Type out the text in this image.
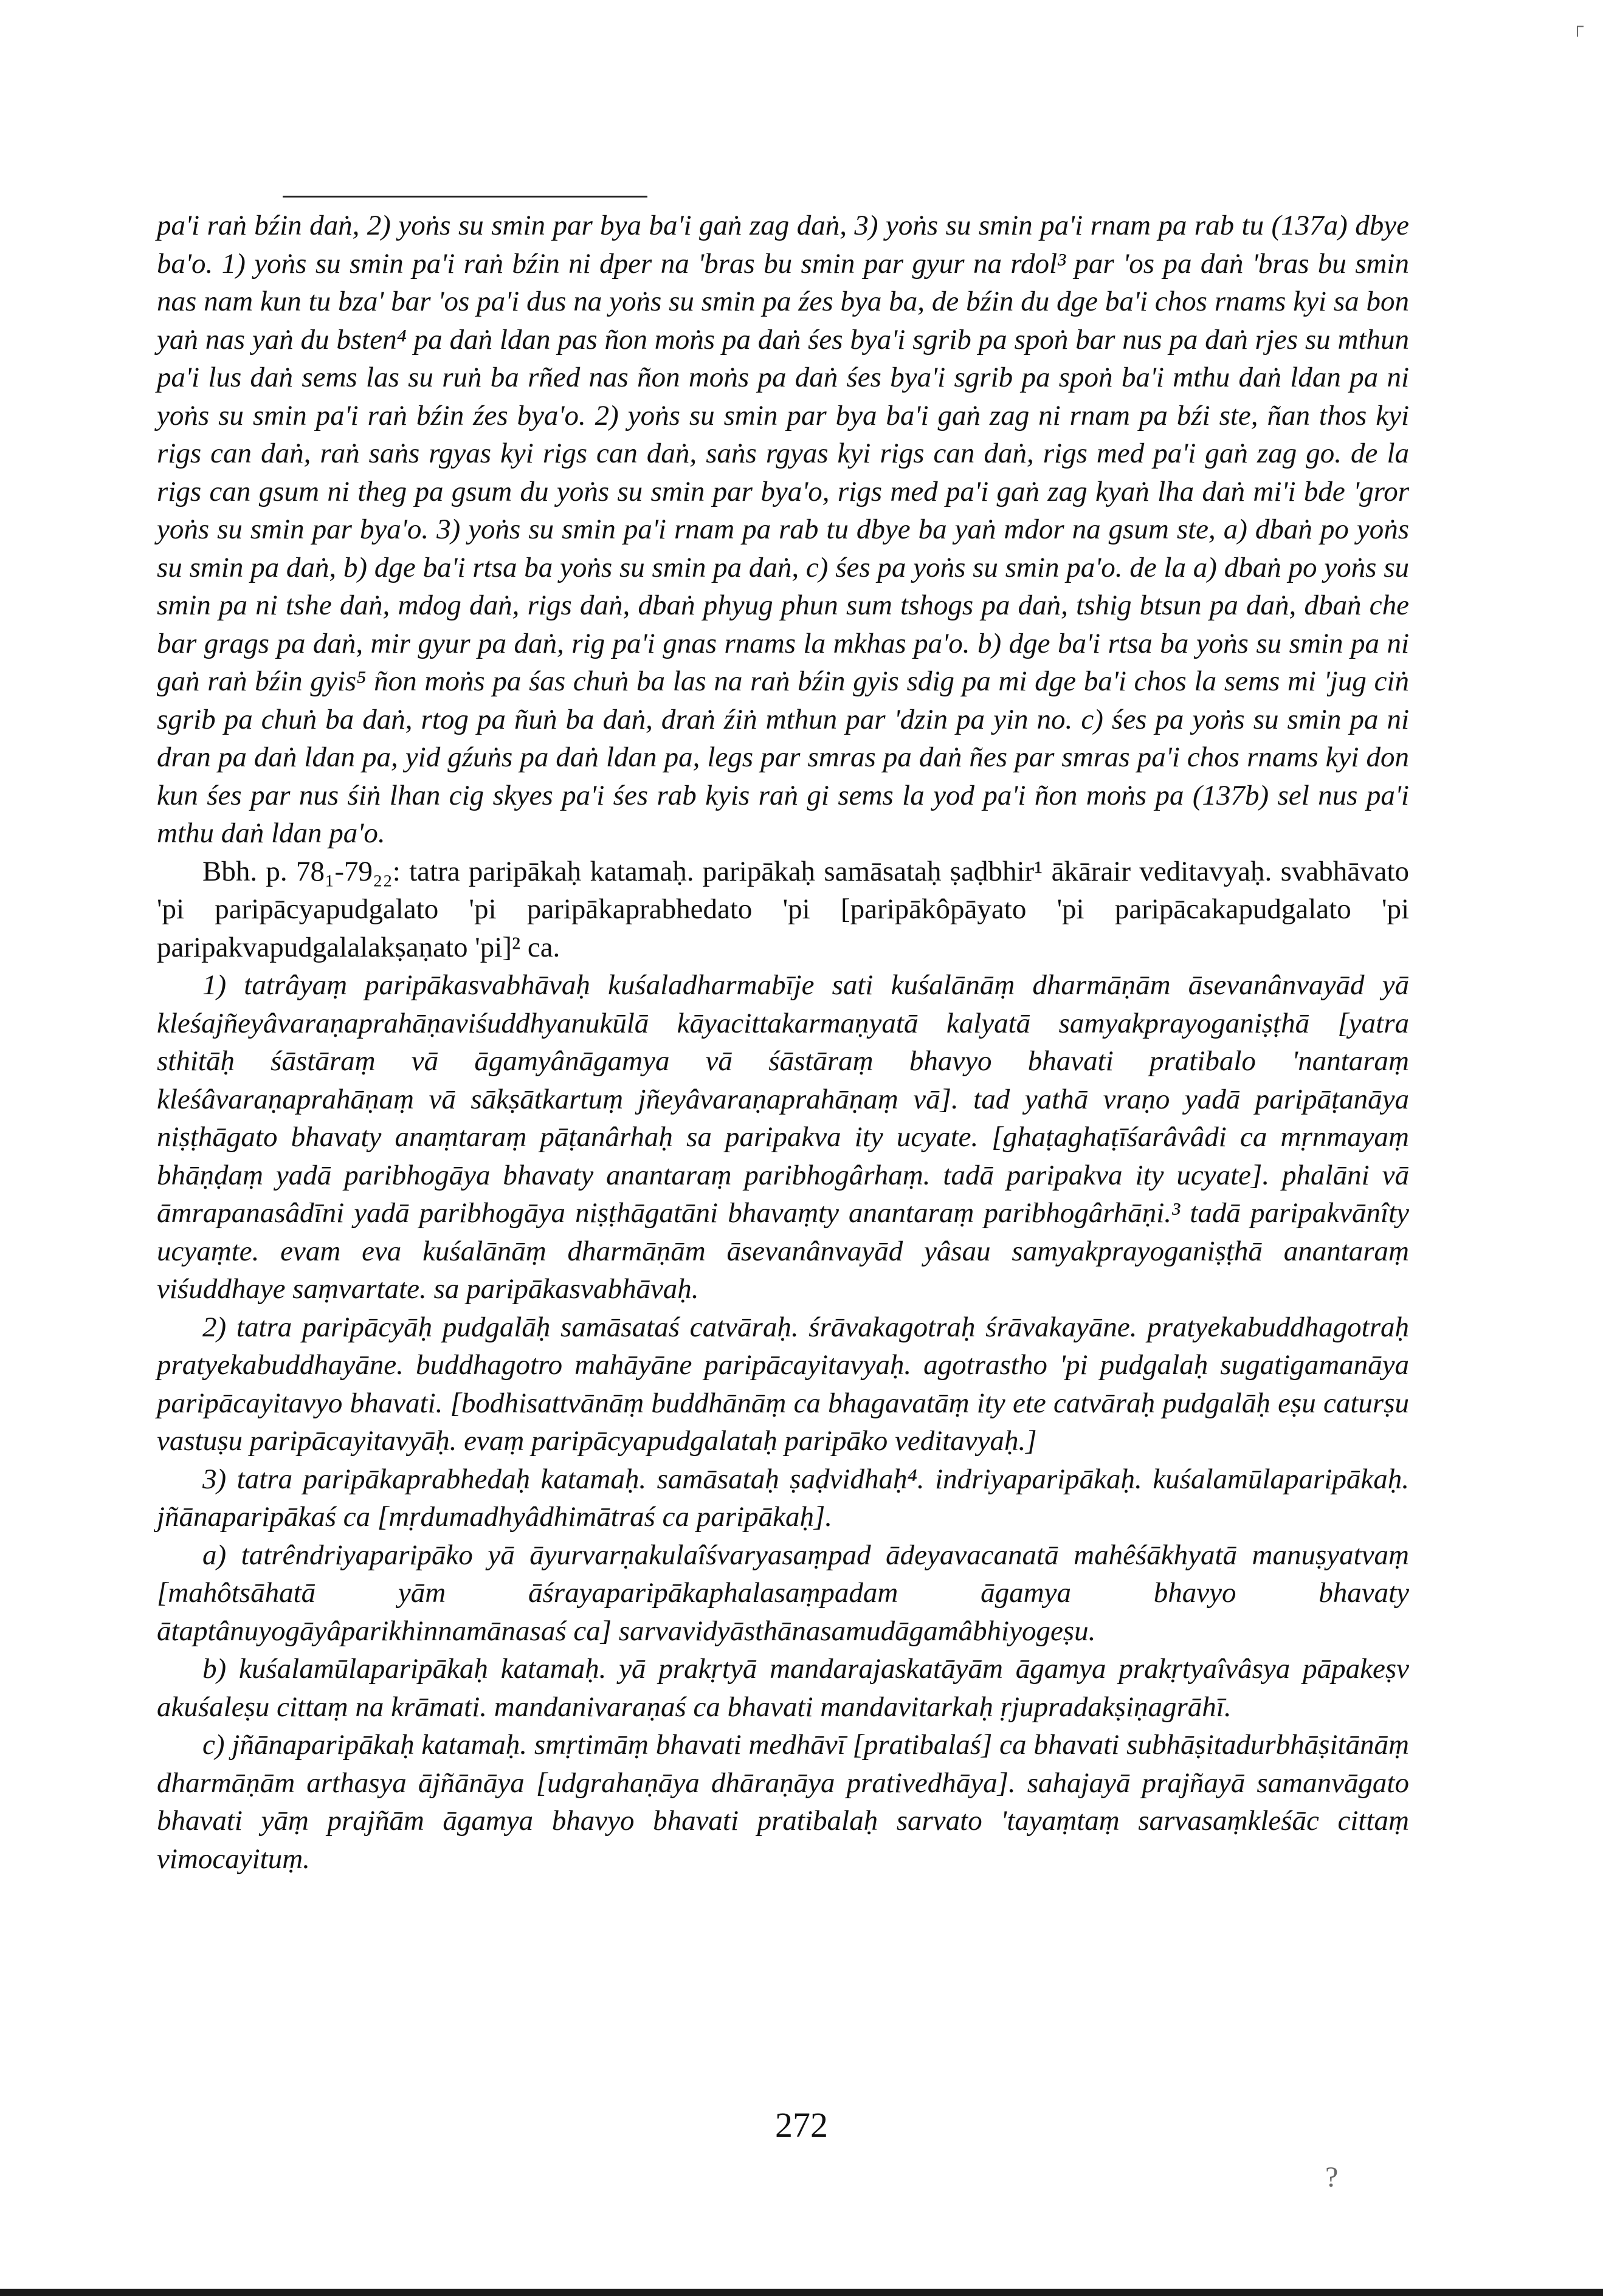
pa'i raṅ bźin daṅ, 2) yoṅs su smin par bya ba'i gaṅ zag daṅ, 3) yoṅs su smin pa'i rnam pa rab tu (137a) dbye ba'o. 1) yoṅs su smin pa'i raṅ bźin ni dper na 'bras bu smin par gyur na rdol³ par 'os pa daṅ 'bras bu smin nas nam kun tu bza' bar 'os pa'i dus na yoṅs su smin pa źes bya ba, de bźin du dge ba'i chos rnams kyi sa bon yaṅ nas yaṅ du bsten⁴ pa daṅ ldan pas ñon moṅs pa daṅ śes bya'i sgrib pa spoṅ bar nus pa daṅ rjes su mthun pa'i lus daṅ sems las su ruṅ ba rñed nas ñon moṅs pa daṅ śes bya'i sgrib pa spoṅ ba'i mthu daṅ ldan pa ni yoṅs su smin pa'i raṅ bźin źes bya'o. 2) yoṅs su smin par bya ba'i gaṅ zag ni rnam pa bźi ste, ñan thos kyi rigs can daṅ, raṅ saṅs rgyas kyi rigs can daṅ, saṅs rgyas kyi rigs can daṅ, rigs med pa'i gaṅ zag go. de la rigs can gsum ni theg pa gsum du yoṅs su smin par bya'o, rigs med pa'i gaṅ zag kyaṅ lha daṅ mi'i bde 'gror yoṅs su smin par bya'o. 3) yoṅs su smin pa'i rnam pa rab tu dbye ba yaṅ mdor na gsum ste, a) dbaṅ po yoṅs su smin pa daṅ, b) dge ba'i rtsa ba yoṅs su smin pa daṅ, c) śes pa yoṅs su smin pa'o. de la a) dbaṅ po yoṅs su smin pa ni tshe daṅ, mdog daṅ, rigs daṅ, dbaṅ phyug phun sum tshogs pa daṅ, tshig btsun pa daṅ, dbaṅ che bar grags pa daṅ, mir gyur pa daṅ, rig pa'i gnas rnams la mkhas pa'o. b) dge ba'i rtsa ba yoṅs su smin pa ni gaṅ raṅ bźin gyis⁵ ñon moṅs pa śas chuṅ ba las na raṅ bźin gyis sdig pa mi dge ba'i chos la sems mi 'jug ciṅ sgrib pa chuṅ ba daṅ, rtog pa ñuṅ ba daṅ, draṅ źiṅ mthun par 'dzin pa yin no. c) śes pa yoṅs su smin pa ni dran pa daṅ ldan pa, yid gźuṅs pa daṅ ldan pa, legs par smras pa daṅ ñes par smras pa'i chos rnams kyi don kun śes par nus śiṅ lhan cig skyes pa'i śes rab kyis raṅ gi sems la yod pa'i ñon moṅs pa (137b) sel nus pa'i mthu daṅ ldan pa'o.

Bbh. p. 78₁-79₂₂: tatra paripākaḥ katamaḥ. paripākaḥ samāsataḥ ṣaḍbhir¹ ākārair veditavyaḥ. svabhāvato 'pi paripācyapudgalato 'pi paripākaprabhedato 'pi [paripākôpāyato 'pi paripācakapudgalato 'pi paripakvapudgalalakṣaṇato 'pi]² ca.

1) tatrâyaṃ paripākasvabhāvaḥ kuśaladharmabīje sati kuśalānāṃ dharmāṇām āsevanânvayād yā kleśajñeyâvaraṇaprahāṇaviśuddhyanukūlā kāyacittakarmaṇyatā kalyatā samyakprayoganiṣṭhā [yatra sthitāḥ śāstāraṃ vā āgamyânāgamya vā śāstāraṃ bhavyo bhavati pratibalo 'nantaraṃ kleśâvaraṇaprahāṇaṃ vā sākṣātkartuṃ jñeyâvaraṇaprahāṇaṃ vā]. tad yathā vraṇo yadā paripāṭanāya niṣṭhāgato bhavaty anaṃtaraṃ pāṭanârhaḥ sa paripakva ity ucyate. [ghaṭaghaṭīśarâvâdi ca mṛnmayaṃ bhāṇḍaṃ yadā paribhogāya bhavaty anantaraṃ paribhogârhaṃ. tadā paripakva ity ucyate]. phalāni vā āmrapanasâdīni yadā paribhogāya niṣṭhāgatāni bhavaṃty anantaraṃ paribhogârhāṇi.³ tadā paripakvānîty ucyaṃte. evam eva kuśalānāṃ dharmāṇām āsevanânvayād yâsau samyakprayoganiṣṭhā anantaraṃ viśuddhaye saṃvartate. sa paripākasvabhāvaḥ.

2) tatra paripācyāḥ pudgalāḥ samāsataś catvāraḥ. śrāvakagotraḥ śrāvakayāne. pratyekabuddhagotraḥ pratyekabuddhayāne. buddhagotro mahāyāne paripācayitavyaḥ. agotrastho 'pi pudgalaḥ sugatigamanāya paripācayitavyo bhavati. [bodhisattvānāṃ buddhānāṃ ca bhagavatāṃ ity ete catvāraḥ pudgalāḥ eṣu caturṣu vastuṣu paripācayitavyāḥ. evaṃ paripācyapudgalataḥ paripāko veditavyaḥ.]

3) tatra paripākaprabhedaḥ katamaḥ. samāsataḥ ṣaḍvidhaḥ⁴. indriyaparipākaḥ. kuśalamūlaparipākaḥ. jñānaparipākaś ca [mṛdumadhyâdhimātraś ca paripākaḥ].

a) tatrêndriyaparipāko yā āyurvarṇakulaîśvaryasaṃpad ādeyavacanatā mahêśākhyatā manuṣyatvaṃ [mahôtsāhatā yām āśrayaparipākaphalasaṃpadam āgamya bhavyo bhavaty ātaptânuyogāyâparikhinnamānasaś ca] sarvavidyāsthānasamudāgamâbhiyogeṣu.

b) kuśalamūlaparipākaḥ katamaḥ. yā prakṛtyā mandarajaskatāyām āgamya prakṛtyaîvâsya pāpakeṣv akuśaleṣu cittaṃ na krāmati. mandanivaraṇaś ca bhavati mandavitarkaḥ ṛjupradakṣiṇagrāhī.

c) jñānaparipākaḥ katamaḥ. smṛtimāṃ bhavati medhāvī [pratibalaś] ca bhavati subhāṣitadurbhāṣitānāṃ dharmāṇām arthasya ājñānāya [udgrahaṇāya dhāraṇāya prativedhāya]. sahajayā prajñayā samanvāgato bhavati yāṃ prajñām āgamya bhavyo bhavati pratibalaḥ sarvato 'tayaṃtaṃ sarvasaṃkleśāc cittaṃ vimocayituṃ.

272
┌
?
